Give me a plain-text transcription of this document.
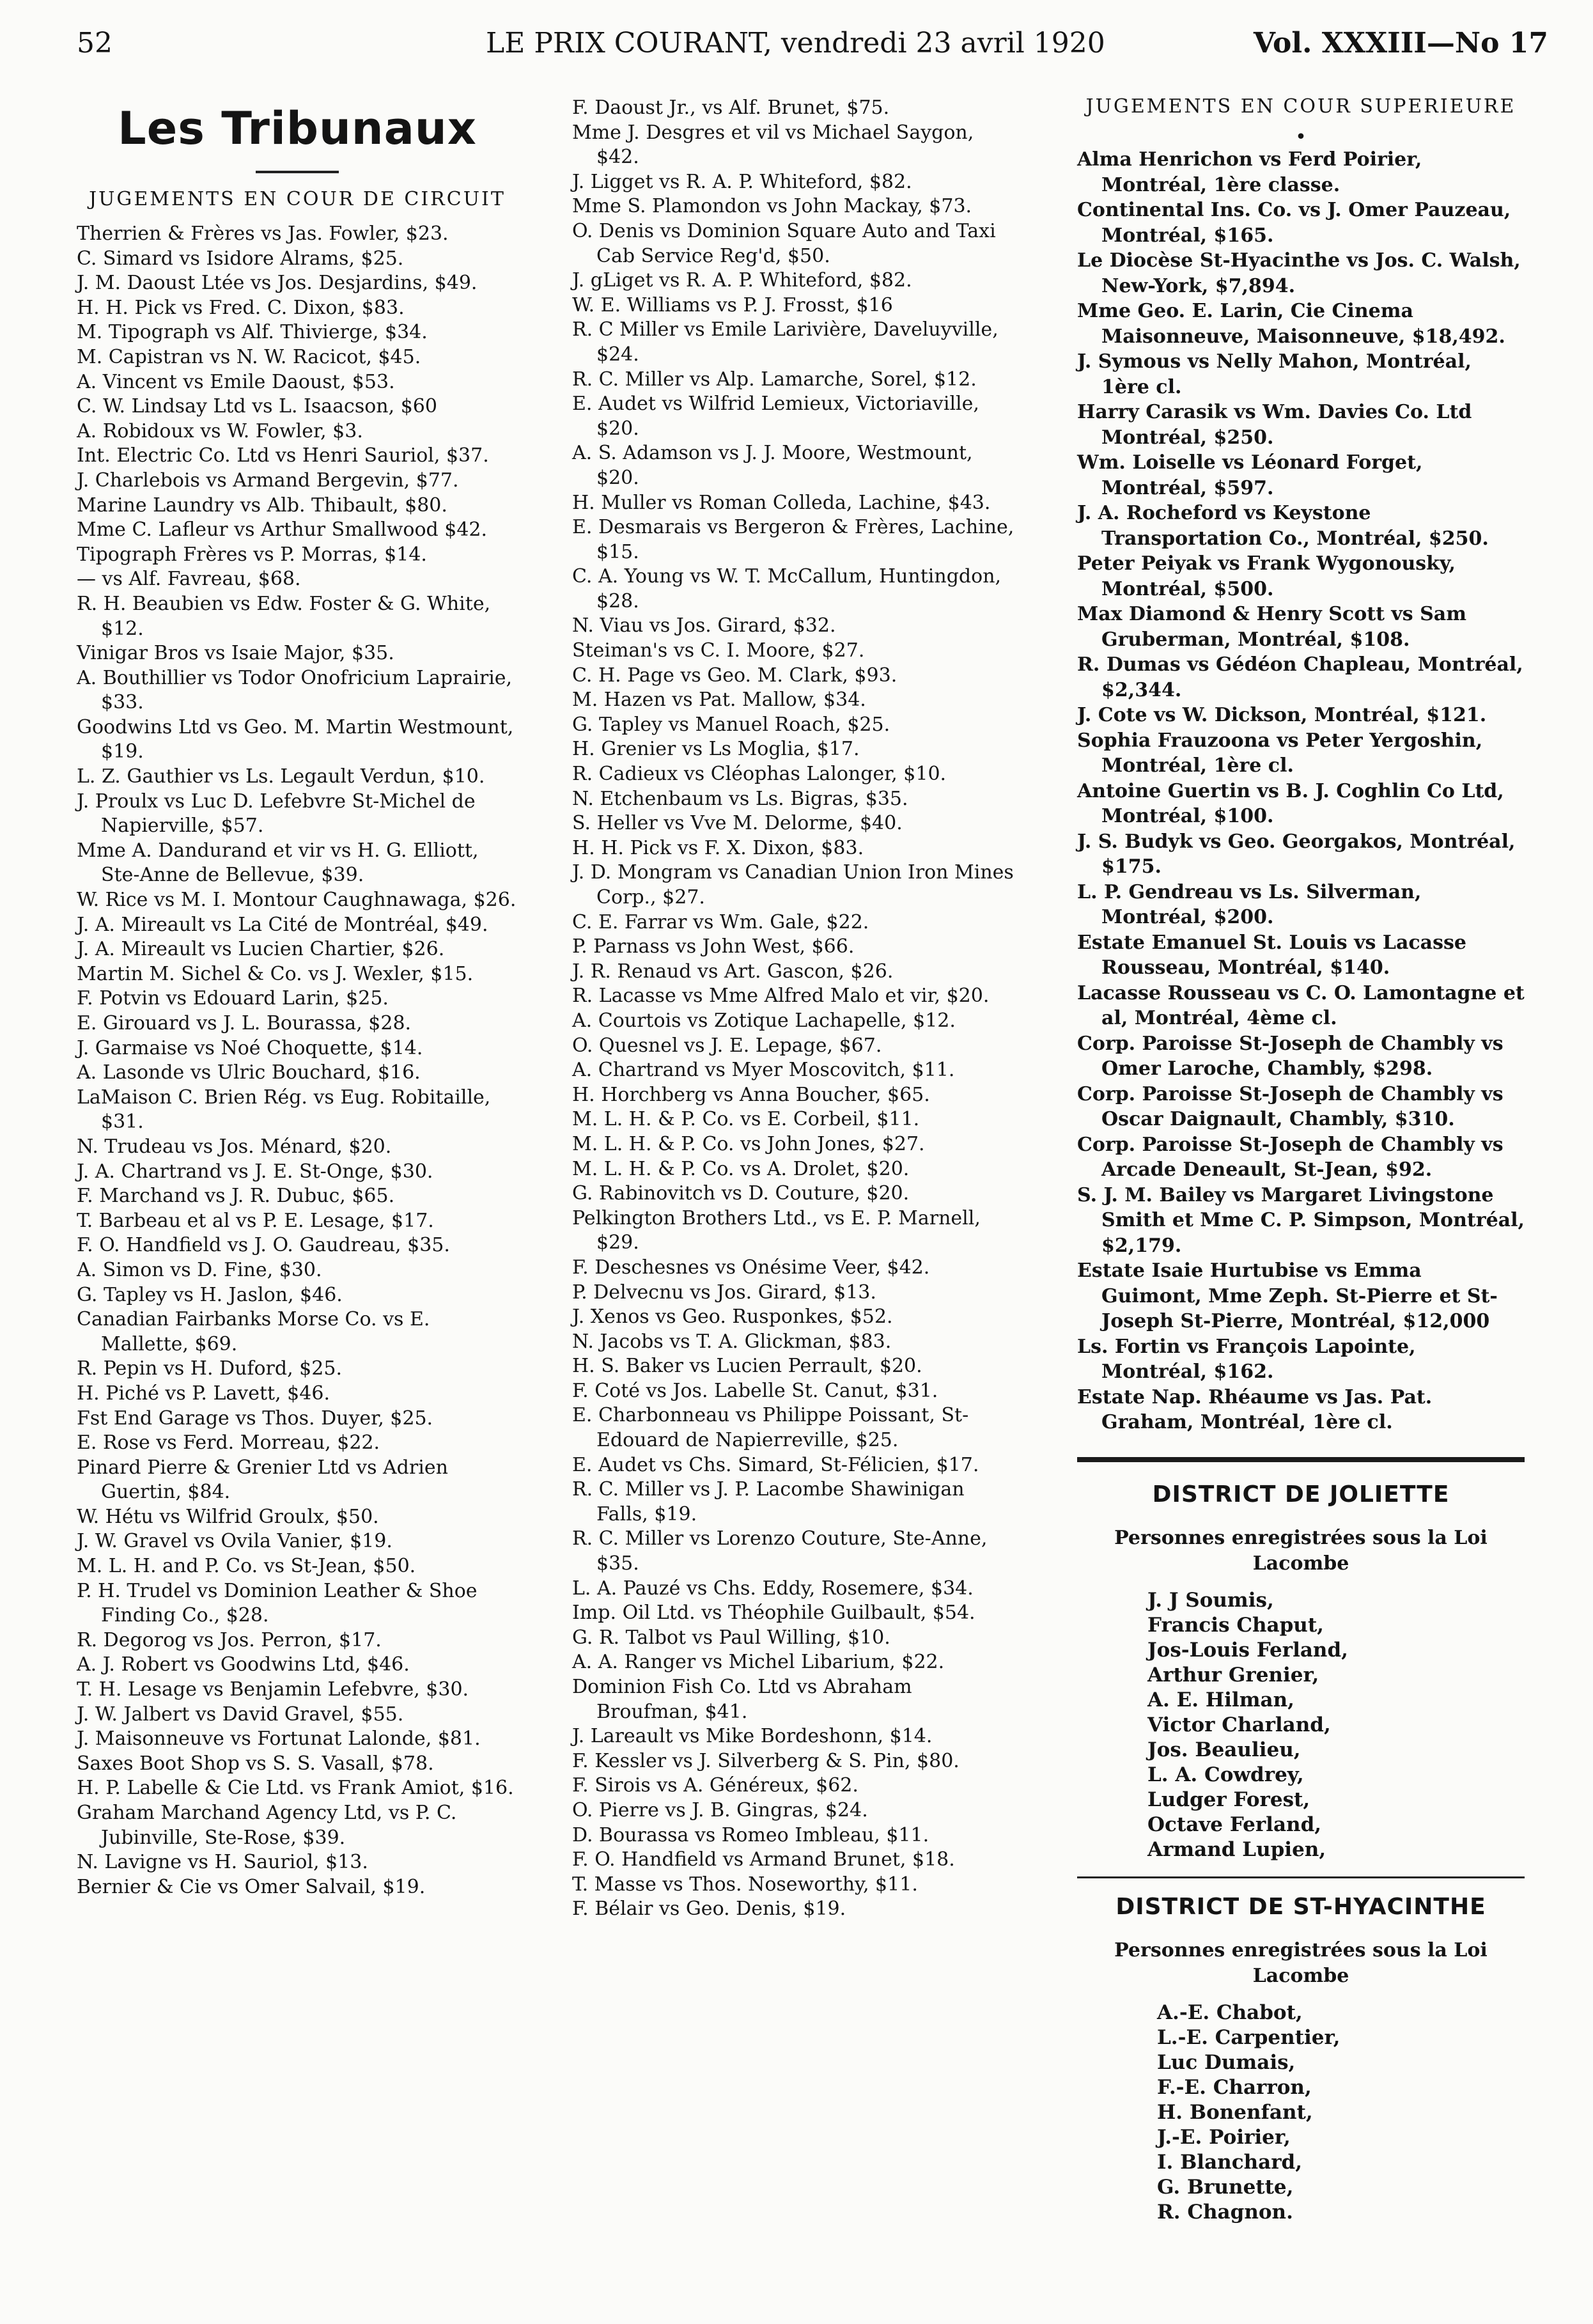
52	LE PRIX COURANT, vendredi 23 avril 1920	Vol. XXXIII—No 17
Les Tribunaux
JUGEMENTS EN COUR DE CIRCUIT
Therrien & Frères vs Jas. Fowler, $23.
C. Simard vs Isidore Alrams, $25.
J. M. Daoust Ltée vs Jos. Desjardins, $49.
H. H. Pick vs Fred. C. Dixon, $83.
M. Tipograph vs Alf. Thivierge, $34.
M. Capistran vs N. W. Racicot, $45.
A. Vincent vs Emile Daoust, $53.
C. W. Lindsay Ltd vs L. Isaacson, $60
A. Robidoux vs W. Fowler, $3.
Int. Electric Co. Ltd vs Henri Sauriol, $37.
J. Charlebois vs Armand Bergevin, $77.
Marine Laundry vs Alb. Thibault, $80.
Mme C. Lafleur vs Arthur Smallwood $42.
Tipograph Frères vs P. Morras, $14.
— vs Alf. Favreau, $68.
R. H. Beaubien vs Edw. Foster & G. White, $12.
Vinigar Bros vs Isaie Major, $35.
A. Bouthillier vs Todor Onofricium Laprairie, $33.
Goodwins Ltd vs Geo. M. Martin Westmount, $19.
L. Z. Gauthier vs Ls. Legault Verdun, $10.
J. Proulx vs Luc D. Lefebvre St-Michel de Napierville, $57.
Mme A. Dandurand et vir vs H. G. Elliott, Ste-Anne de Bellevue, $39.
W. Rice vs M. I. Montour Caughnawaga, $26.
J. A. Mireault vs La Cité de Montréal, $49.
J. A. Mireault vs Lucien Chartier, $26.
Martin M. Sichel & Co. vs J. Wexler, $15.
F. Potvin vs Edouard Larin, $25.
E. Girouard vs J. L. Bourassa, $28.
J. Garmaise vs Noé Choquette, $14.
A. Lasonde vs Ulric Bouchard, $16.
LaMaison C. Brien Rég. vs Eug. Robitaille, $31.
N. Trudeau vs Jos. Ménard, $20.
J. A. Chartrand vs J. E. St-Onge, $30.
F. Marchand vs J. R. Dubuc, $65.
T. Barbeau et al vs P. E. Lesage, $17.
F. O. Handfield vs J. O. Gaudreau, $35.
A. Simon vs D. Fine, $30.
G. Tapley vs H. Jaslon, $46.
Canadian Fairbanks Morse Co. vs E. Mallette, $69.
R. Pepin vs H. Duford, $25.
H. Piché vs P. Lavett, $46.
Fst End Garage vs Thos. Duyer, $25.
E. Rose vs Ferd. Morreau, $22.
Pinard Pierre & Grenier Ltd vs Adrien Guertin, $84.
W. Hétu vs Wilfrid Groulx, $50.
J. W. Gravel vs Ovila Vanier, $19.
M. L. H. and P. Co. vs St-Jean, $50.
P. H. Trudel vs Dominion Leather & Shoe Finding Co., $28.
R. Degorog vs Jos. Perron, $17.
A. J. Robert vs Goodwins Ltd, $46.
T. H. Lesage vs Benjamin Lefebvre, $30.
J. W. Jalbert vs David Gravel, $55.
J. Maisonneuve vs Fortunat Lalonde, $81.
Saxes Boot Shop vs S. S. Vasall, $78.
H. P. Labelle & Cie Ltd. vs Frank Amiot, $16.
Graham Marchand Agency Ltd, vs P. C. Jubinville, Ste-Rose, $39.
N. Lavigne vs H. Sauriol, $13.
Bernier & Cie vs Omer Salvail, $19.
F. Daoust Jr., vs Alf. Brunet, $75.
Mme J. Desgres et vil vs Michael Saygon, $42.
J. Ligget vs R. A. P. Whiteford, $82.
Mme S. Plamondon vs John Mackay, $73.
O. Denis vs Dominion Square Auto and Taxi Cab Service Reg'd, $50.
J. gLiget vs R. A. P. Whiteford, $82.
W. E. Williams vs P. J. Frosst, $16
R. C Miller vs Emile Larivière, Daveluyville, $24.
R. C. Miller vs Alp. Lamarche, Sorel, $12.
E. Audet vs Wilfrid Lemieux, Victoriaville, $20.
A. S. Adamson vs J. J. Moore, Westmount, $20.
H. Muller vs Roman Colleda, Lachine, $43.
E. Desmarais vs Bergeron & Frères, Lachine, $15.
C. A. Young vs W. T. McCallum, Huntingdon, $28.
N. Viau vs Jos. Girard, $32.
Steiman's vs C. I. Moore, $27.
C. H. Page vs Geo. M. Clark, $93.
M. Hazen vs Pat. Mallow, $34.
G. Tapley vs Manuel Roach, $25.
H. Grenier vs Ls Moglia, $17.
R. Cadieux vs Cléophas Lalonger, $10.
N. Etchenbaum vs Ls. Bigras, $35.
S. Heller vs Vve M. Delorme, $40.
H. H. Pick vs F. X. Dixon, $83.
J. D. Mongram vs Canadian Union Iron Mines Corp., $27.
C. E. Farrar vs Wm. Gale, $22.
P. Parnass vs John West, $66.
J. R. Renaud vs Art. Gascon, $26.
R. Lacasse vs Mme Alfred Malo et vir, $20.
A. Courtois vs Zotique Lachapelle, $12.
O. Quesnel vs J. E. Lepage, $67.
A. Chartrand vs Myer Moscovitch, $11.
H. Horchberg vs Anna Boucher, $65.
M. L. H. & P. Co. vs E. Corbeil, $11.
M. L. H. & P. Co. vs John Jones, $27.
M. L. H. & P. Co. vs A. Drolet, $20.
G. Rabinovitch vs D. Couture, $20.
Pelkington Brothers Ltd., vs E. P. Marnell, $29.
F. Deschesnes vs Onésime Veer, $42.
P. Delvecnu vs Jos. Girard, $13.
J. Xenos vs Geo. Rusponkes, $52.
N. Jacobs vs T. A. Glickman, $83.
H. S. Baker vs Lucien Perrault, $20.
F. Coté vs Jos. Labelle St. Canut, $31.
E. Charbonneau vs Philippe Poissant, St-Edouard de Napierreville, $25.
E. Audet vs Chs. Simard, St-Félicien, $17.
R. C. Miller vs J. P. Lacombe Shawinigan Falls, $19.
R. C. Miller vs Lorenzo Couture, Ste-Anne, $35.
L. A. Pauzé vs Chs. Eddy, Rosemere, $34.
Imp. Oil Ltd. vs Théophile Guilbault, $54.
G. R. Talbot vs Paul Willing, $10.
A. A. Ranger vs Michel Libarium, $22.
Dominion Fish Co. Ltd vs Abraham Broufman, $41.
J. Lareault vs Mike Bordeshonn, $14.
F. Kessler vs J. Silverberg & S. Pin, $80.
F. Sirois vs A. Généreux, $62.
O. Pierre vs J. B. Gingras, $24.
D. Bourassa vs Romeo Imbleau, $11.
F. O. Handfield vs Armand Brunet, $18.
T. Masse vs Thos. Noseworthy, $11.
F. Bélair vs Geo. Denis, $19.
JUGEMENTS EN COUR SUPERIEURE
•
Alma Henrichon vs Ferd Poirier, Montréal, 1ère classe.
Continental Ins. Co. vs J. Omer Pauzeau, Montréal, $165.
Le Diocèse St-Hyacinthe vs Jos. C. Walsh, New-York, $7,894.
Mme Geo. E. Larin, Cie Cinema Maisonneuve, Maisonneuve, $18,492.
J. Symous vs Nelly Mahon, Montréal, 1ère cl.
Harry Carasik vs Wm. Davies Co. Ltd Montréal, $250.
Wm. Loiselle vs Léonard Forget, Montréal, $597.
J. A. Rocheford vs Keystone Transportation Co., Montréal, $250.
Peter Peiyak vs Frank Wygonousky, Montréal, $500.
Max Diamond & Henry Scott vs Sam Gruberman, Montréal, $108.
R. Dumas vs Gédéon Chapleau, Montréal, $2,344.
J. Cote vs W. Dickson, Montréal, $121.
Sophia Frauzoona vs Peter Yergoshin, Montréal, 1ère cl.
Antoine Guertin vs B. J. Coghlin Co Ltd, Montréal, $100.
J. S. Budyk vs Geo. Georgakos, Montréal, $175.
L. P. Gendreau vs Ls. Silverman, Montréal, $200.
Estate Emanuel St. Louis vs Lacasse Rousseau, Montréal, $140.
Lacasse Rousseau vs C. O. Lamontagne et al, Montréal, 4ème cl.
Corp. Paroisse St-Joseph de Chambly vs Omer Laroche, Chambly, $298.
Corp. Paroisse St-Joseph de Chambly vs Oscar Daignault, Chambly, $310.
Corp. Paroisse St-Joseph de Chambly vs Arcade Deneault, St-Jean, $92.
S. J. M. Bailey vs Margaret Livingstone Smith et Mme C. P. Simpson, Montréal, $2,179.
Estate Isaie Hurtubise vs Emma Guimont, Mme Zeph. St-Pierre et St-Joseph St-Pierre, Montréal, $12,000
Ls. Fortin vs François Lapointe, Montréal, $162.
Estate Nap. Rhéaume vs Jas. Pat. Graham, Montréal, 1ère cl.
DISTRICT DE JOLIETTE
Personnes enregistrées sous la Loi Lacombe
J. J Soumis,
Francis Chaput,
Jos-Louis Ferland,
Arthur Grenier,
A. E. Hilman,
Victor Charland,
Jos. Beaulieu,
L. A. Cowdrey,
Ludger Forest,
Octave Ferland,
Armand Lupien,
DISTRICT DE ST-HYACINTHE
Personnes enregistrées sous la Loi Lacombe
A.-E. Chabot,
L.-E. Carpentier,
Luc Dumais,
F.-E. Charron,
H. Bonenfant,
J.-E. Poirier,
I. Blanchard,
G. Brunette,
R. Chagnon.
